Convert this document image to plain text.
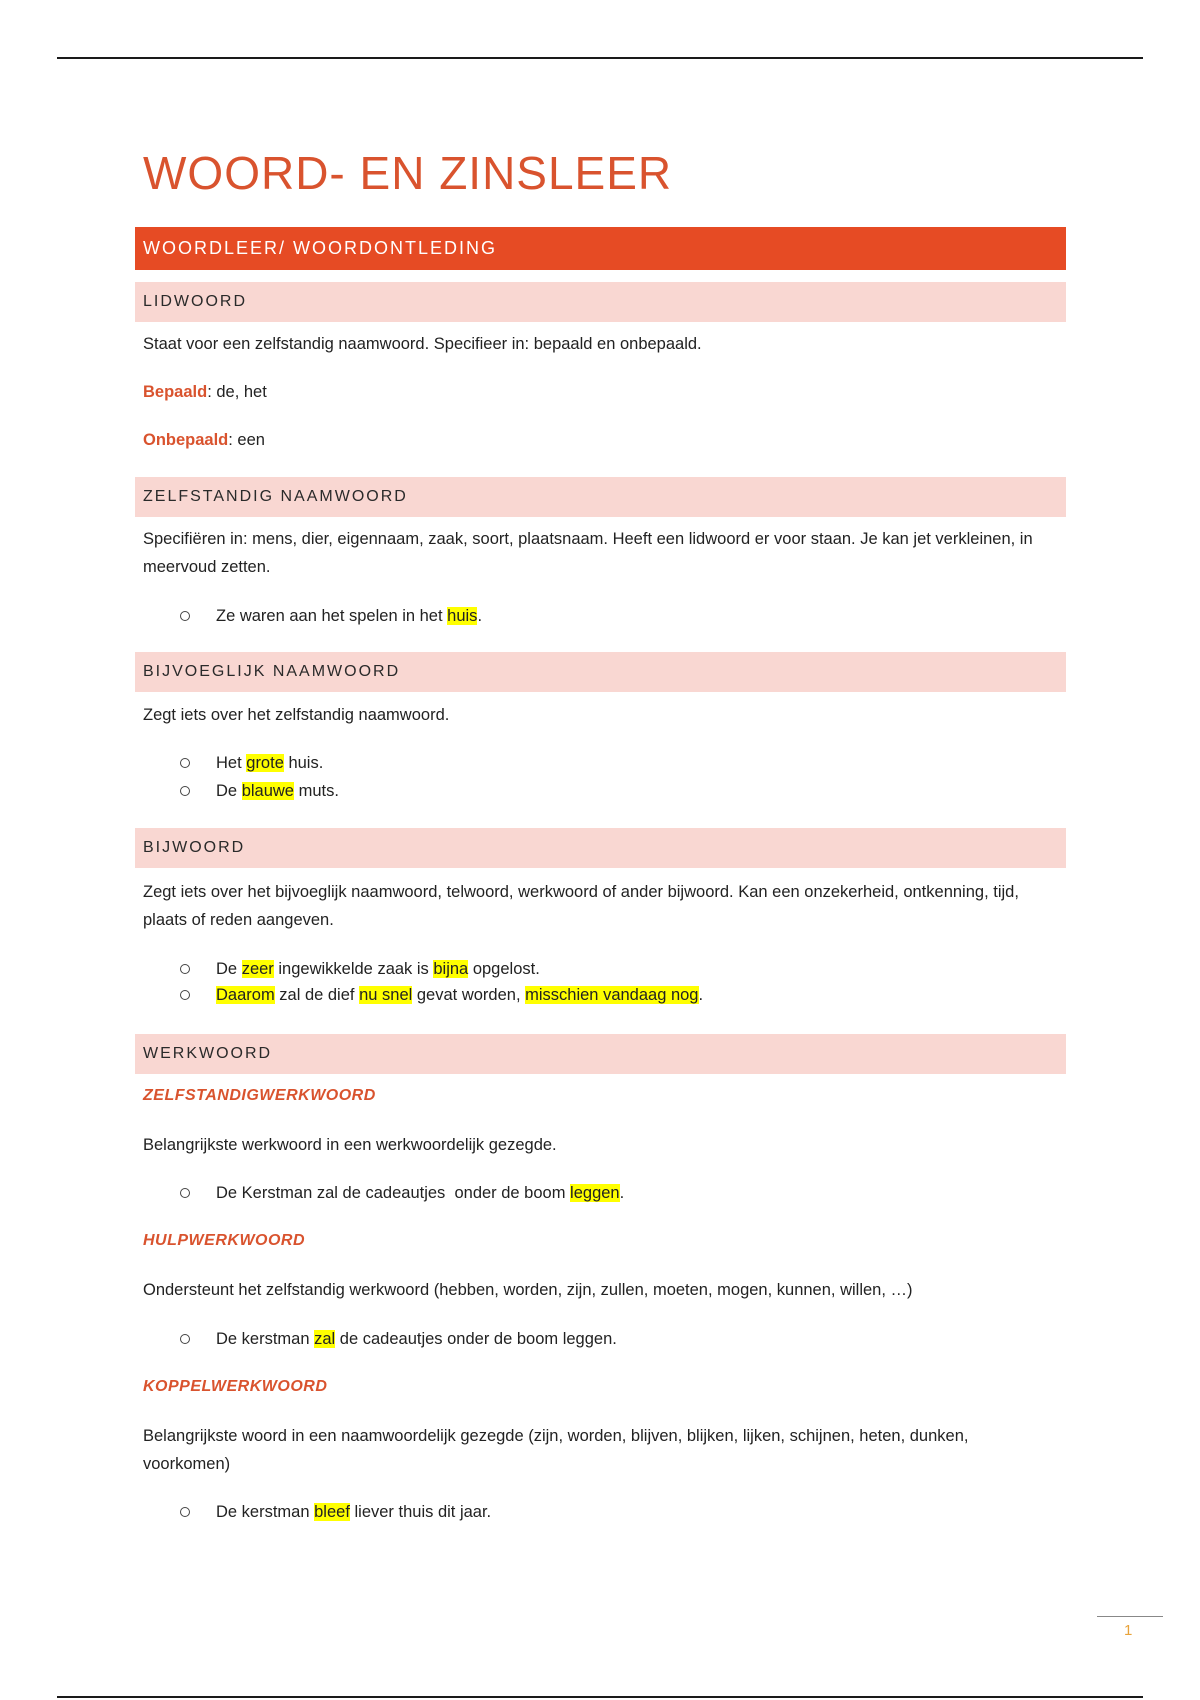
WOORD- EN ZINSLEER
WOORDLEER/ WOORDONTLEDING
LIDWOORD
Staat voor een zelfstandig naamwoord. Specifieer in: bepaald en onbepaald.
Bepaald: de, het
Onbepaald: een
ZELFSTANDIG NAAMWOORD
Specifiëren in: mens, dier, eigennaam, zaak, soort, plaatsnaam. Heeft een lidwoord er voor staan. Je kan jet verkleinen, in meervoud zetten.
Ze waren aan het spelen in het huis.
BIJVOEGLIJK NAAMWOORD
Zegt iets over het zelfstandig naamwoord.
Het grote huis.
De blauwe muts.
BIJWOORD
Zegt iets over het bijvoeglijk naamwoord, telwoord, werkwoord of ander bijwoord. Kan een onzekerheid, ontkenning, tijd, plaats of reden aangeven.
De zeer ingewikkelde zaak is bijna opgelost.
Daarom zal de dief nu snel gevat worden, misschien vandaag nog.
WERKWOORD
ZELFSTANDIGWERKWOORD
Belangrijkste werkwoord in een werkwoordelijk gezegde.
De Kerstman zal de cadeautjes  onder de boom leggen.
HULPWERKWOORD
Ondersteunt het zelfstandig werkwoord (hebben, worden, zijn, zullen, moeten, mogen, kunnen, willen, …)
De kerstman zal de cadeautjes onder de boom leggen.
KOPPELWERKWOORD
Belangrijkste woord in een naamwoordelijk gezegde (zijn, worden, blijven, blijken, lijken, schijnen, heten, dunken, voorkomen)
De kerstman bleef liever thuis dit jaar.
1
